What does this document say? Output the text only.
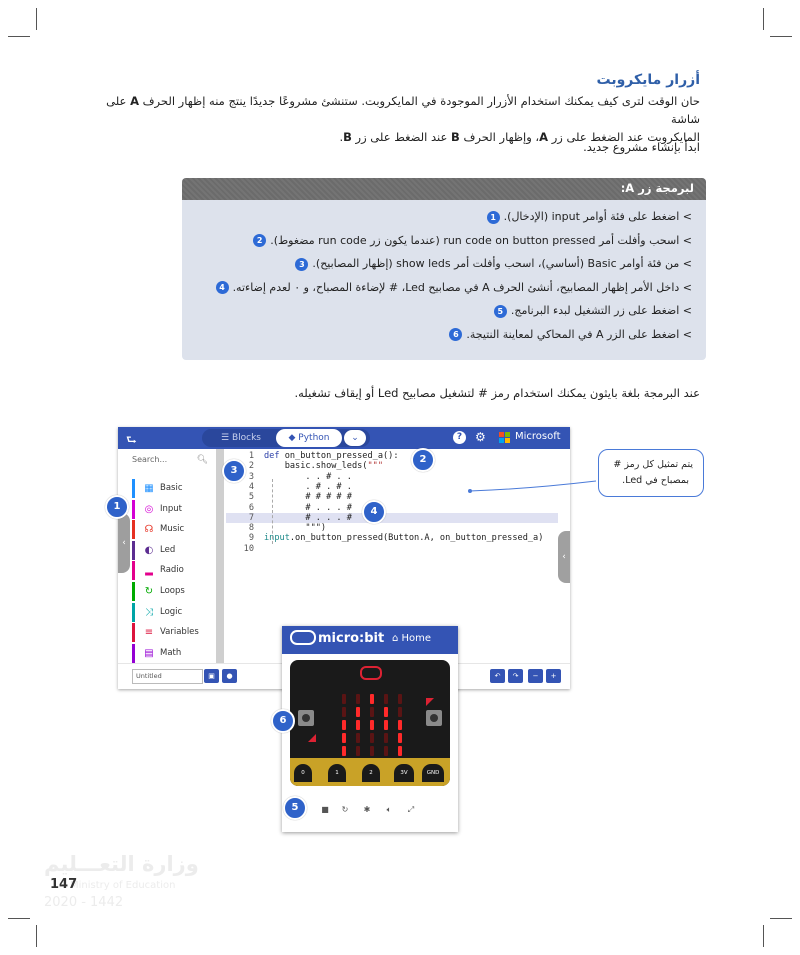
أزرار مايكروبت
حان الوقت لترى كيف يمكنك استخدام الأزرار الموجودة في المايكروبت. ستنشئ مشروعًا جديدًا ينتج منه إظهار الحرف A على شاشة
المايكروبت عند الضغط على زر A، وإظهار الحرف B عند الضغط على زر B.
ابدأ بإنشاء مشروع جديد.
لبرمجة زر A:
> اضغط على فئة أوامر input (الإدخال).1
> اسحب وأفلت أمر run code on button pressed (عندما يكون زر run code مضغوط).2
> من فئة أوامر Basic (أساسي)، اسحب وأفلت أمر show leds (إظهار المصابيح).3
> داخل الأمر إظهار المصابيح، أنشئ الحرف A في مصابيح Led، # لإضاءة المصباح، و ٠ لعدم إضاءته.4
> اضغط على زر التشغيل لبدء البرنامج.5
> اضغط على الزر A في المحاكي لمعاينة النتيجة.6
عند البرمجة بلغة بايثون يمكنك استخدام رمز # لتشغيل مصابيح Led أو إيقاف تشغيله.
⮑	☰ Blocks	◆ Python	⌄	?	⚙	Microsoft
Search...	🔍︎
▦ Basic
◎ Input
☊ Music
◐ Led
▂ Radio
↻ Loops
⤨ Logic
≡ Variables
▤ Math
‹
1 def on_button_pressed_a():
2 basic.show_leds("""
3 . . # . .
4 . # . # .
5 # # # # #
6 # . . . #
7 # . . . #
8 """)
9 input.on_button_pressed(Button.A, on_button_pressed_a)
10
‹
Untitled	▣	●	↶	↷	−	+
micro:bit ⌂ Home
0	1	2	3V	GND
■	↻	✱	🔈︎	⤢
يتم تمثيل كل رمز #
بمصباح في Led.
1
2
3
4
5
6
وزارة التعـــليم
Ministry of Education
2020 - 1442
147
